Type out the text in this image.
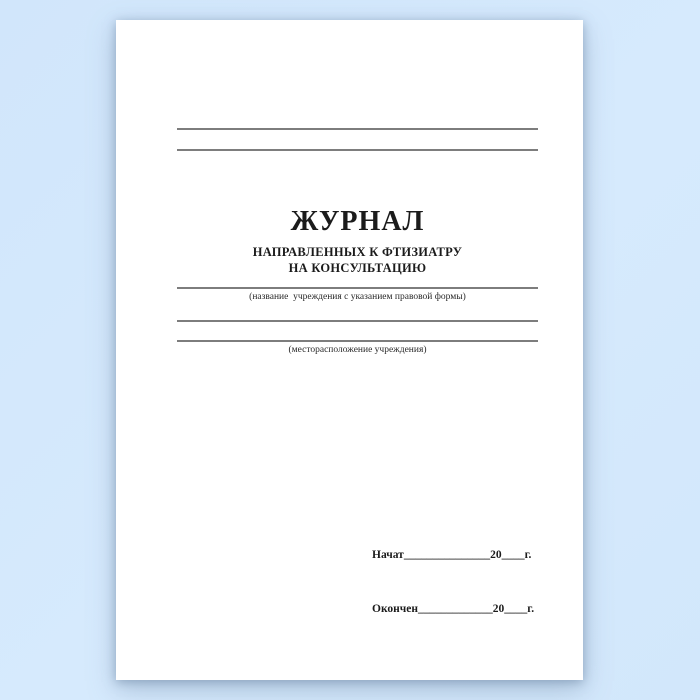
ЖУРНАЛ
НАПРАВЛЕННЫХ К ФТИЗИАТРУ
НА КОНСУЛЬТАЦИЮ
(название  учреждения с указанием правовой формы)
(месторасположение учреждения)

Начат_______________20____г.

Окончен_____________20____г.
